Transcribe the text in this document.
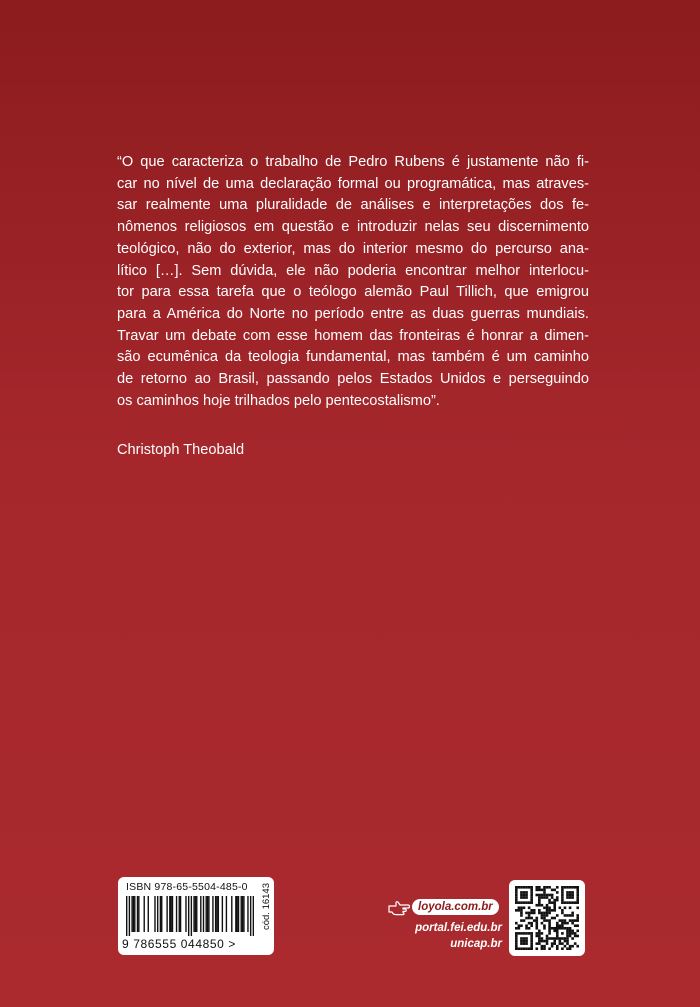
“O que caracteriza o trabalho de Pedro Rubens é justamente não fi-
car no nível de uma declaração formal ou programática, mas atraves-
sar realmente uma pluralidade de análises e interpretações dos fe-
nômenos religiosos em questão e introduzir nelas seu discernimento
teológico, não do exterior, mas do interior mesmo do percurso ana-
lítico […]. Sem dúvida, ele não poderia encontrar melhor interlocu-
tor para essa tarefa que o teólogo alemão Paul Tillich, que emigrou
para a América do Norte no período entre as duas guerras mundiais.
Travar um debate com esse homem das fronteiras é honrar a dimen-
são ecumênica da teologia fundamental, mas também é um caminho
de retorno ao Brasil, passando pelos Estados Unidos e perseguindo
os caminhos hoje trilhados pelo pentecostalismo”.
Christoph Theobald
ISBN 978-65-5504-485-0
9 786555 044850 >
cód. 16143	loyola.com.br
portal.fei.edu.br
unicap.br
